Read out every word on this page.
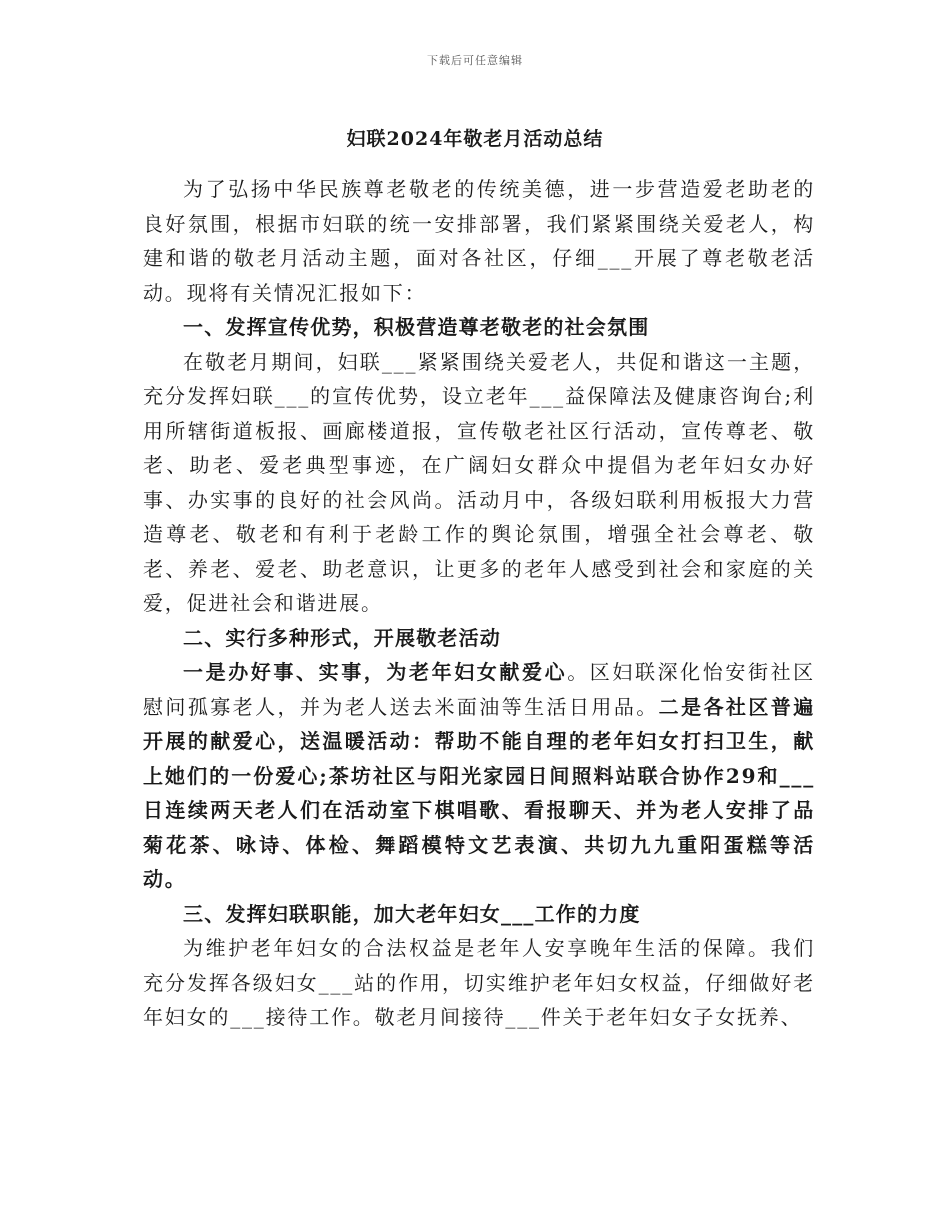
下载后可任意编辑
妇联2024年敬老月活动总结

为了弘扬中华民族尊老敬老的传统美德，进一步营造爱老助老的良好氛围，根据市妇联的统一安排部署，我们紧紧围绕关爱老人，构建和谐的敬老月活动主题，面对各社区，仔细___开展了尊老敬老活动。现将有关情况汇报如下：

一、发挥宣传优势，积极营造尊老敬老的社会氛围

在敬老月期间，妇联___紧紧围绕关爱老人，共促和谐这一主题，充分发挥妇联___的宣传优势，设立老年___益保障法及健康咨询台;利用所辖街道板报、画廊楼道报，宣传敬老社区行活动，宣传尊老、敬老、助老、爱老典型事迹，在广阔妇女群众中提倡为老年妇女办好事、办实事的良好的社会风尚。活动月中，各级妇联利用板报大力营造尊老、敬老和有利于老龄工作的舆论氛围，增强全社会尊老、敬老、养老、爱老、助老意识，让更多的老年人感受到社会和家庭的关爱，促进社会和谐进展。

二、实行多种形式，开展敬老活动

一是办好事、实事，为老年妇女献爱心。区妇联深化怡安街社区慰问孤寡老人，并为老人送去米面油等生活日用品。二是各社区普遍开展的献爱心，送温暖活动：帮助不能自理的老年妇女打扫卫生，献上她们的一份爱心;茶坊社区与阳光家园日间照料站联合协作29和___日连续两天老人们在活动室下棋唱歌、看报聊天、并为老人安排了品菊花茶、咏诗、体检、舞蹈模特文艺表演、共切九九重阳蛋糕等活动。

三、发挥妇联职能，加大老年妇女___工作的力度

为维护老年妇女的合法权益是老年人安享晚年生活的保障。我们充分发挥各级妇女___站的作用，切实维护老年妇女权益，仔细做好老年妇女的___接待工作。敬老月间接待___件关于老年妇女子女抚养、
